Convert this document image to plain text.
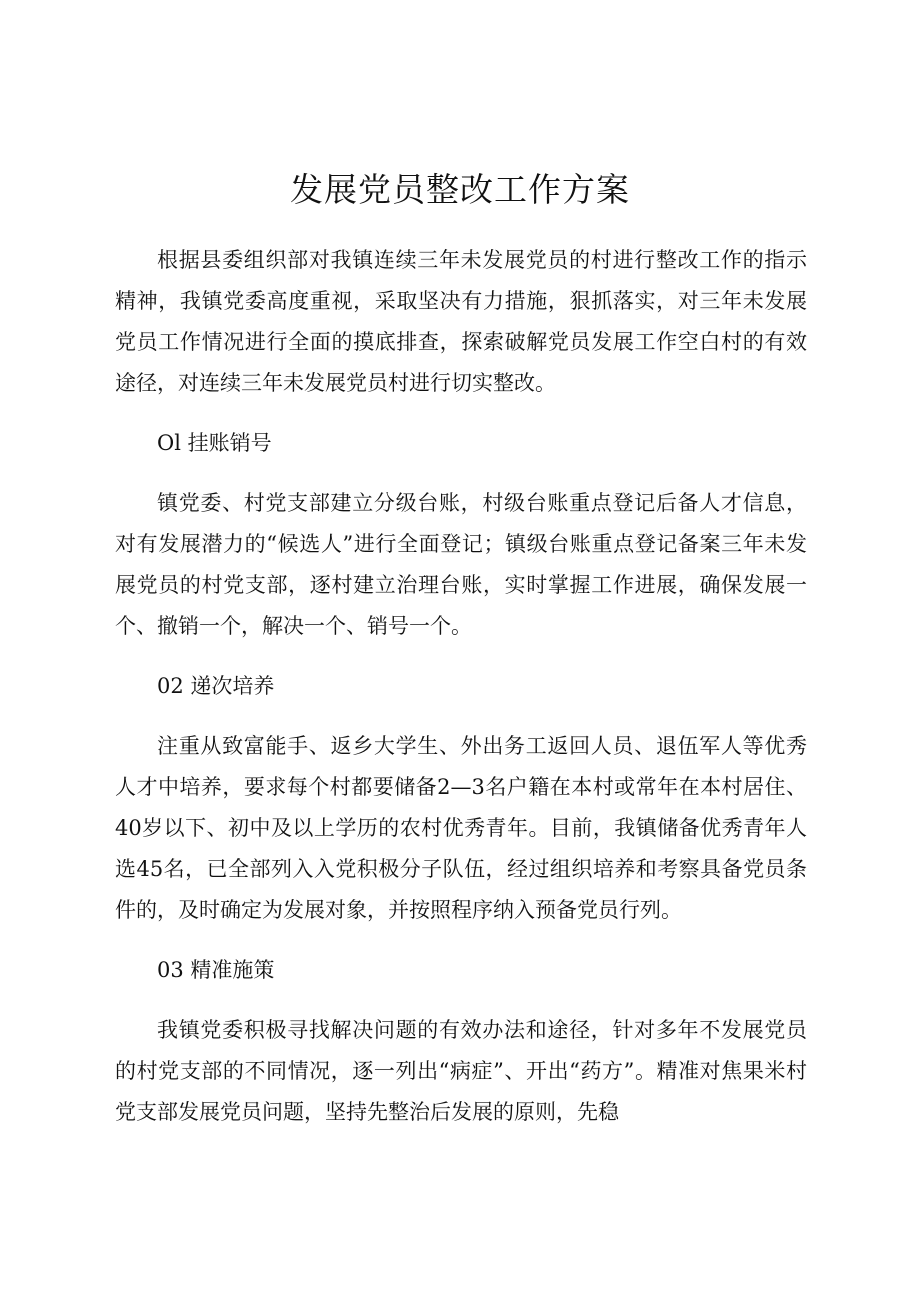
发展党员整改工作方案

根据县委组织部对我镇连续三年未发展党员的村进行整改工作的指示精神，我镇党委高度重视，采取坚决有力措施，狠抓落实，对三年未发展党员工作情况进行全面的摸底排查，探索破解党员发展工作空白村的有效途径，对连续三年未发展党员村进行切实整改。

Ol 挂账销号

镇党委、村党支部建立分级台账，村级台账重点登记后备人才信息，对有发展潜力的“候选人”进行全面登记；镇级台账重点登记备案三年未发展党员的村党支部，逐村建立治理台账，实时掌握工作进展，确保发展一个、撤销一个，解决一个、销号一个。

02 递次培养

注重从致富能手、返乡大学生、外出务工返回人员、退伍军人等优秀人才中培养，要求每个村都要储备2—3名户籍在本村或常年在本村居住、40岁以下、初中及以上学历的农村优秀青年。目前，我镇储备优秀青年人选45名，已全部列入入党积极分子队伍，经过组织培养和考察具备党员条件的，及时确定为发展对象，并按照程序纳入预备党员行列。

03 精准施策

我镇党委积极寻找解决问题的有效办法和途径，针对多年不发展党员的村党支部的不同情况，逐一列出“病症”、开出“药方”。精准对焦果米村党支部发展党员问题，坚持先整治后发展的原则，先稳
